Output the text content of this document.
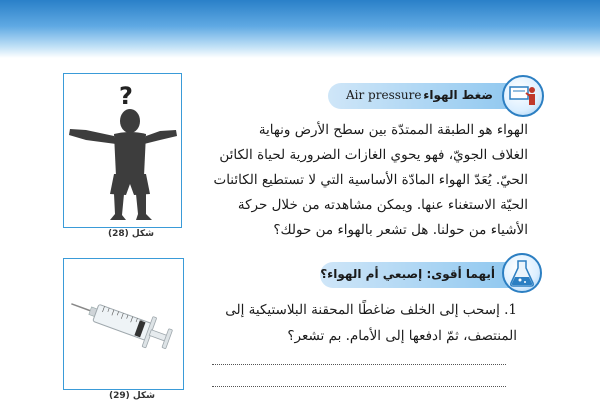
?
شكل (28)
شكل (29)
Air pressure ضغط الهواء
الهواء هو الطبقة الممتدّة بين سطح الأرض ونهاية
الغلاف الجويّ، فهو يحوي الغازات الضرورية لحياة الكائن
الحيّ. يُعَدّ الهواء المادّة الأساسية التي لا تستطيع الكائنات
الحيّة الاستغناء عنها. ويمكن مشاهدته من خلال حركة
الأشياء من حولنا. هل تشعر بالهواء من حولك؟
أيهما أقوى: إصبعي أم الهواء؟
1. إسحب إلى الخلف ضاغطًا المحقنة البلاستيكية إلى
المنتصف، ثمّ ادفعها إلى الأمام. بم تشعر؟
